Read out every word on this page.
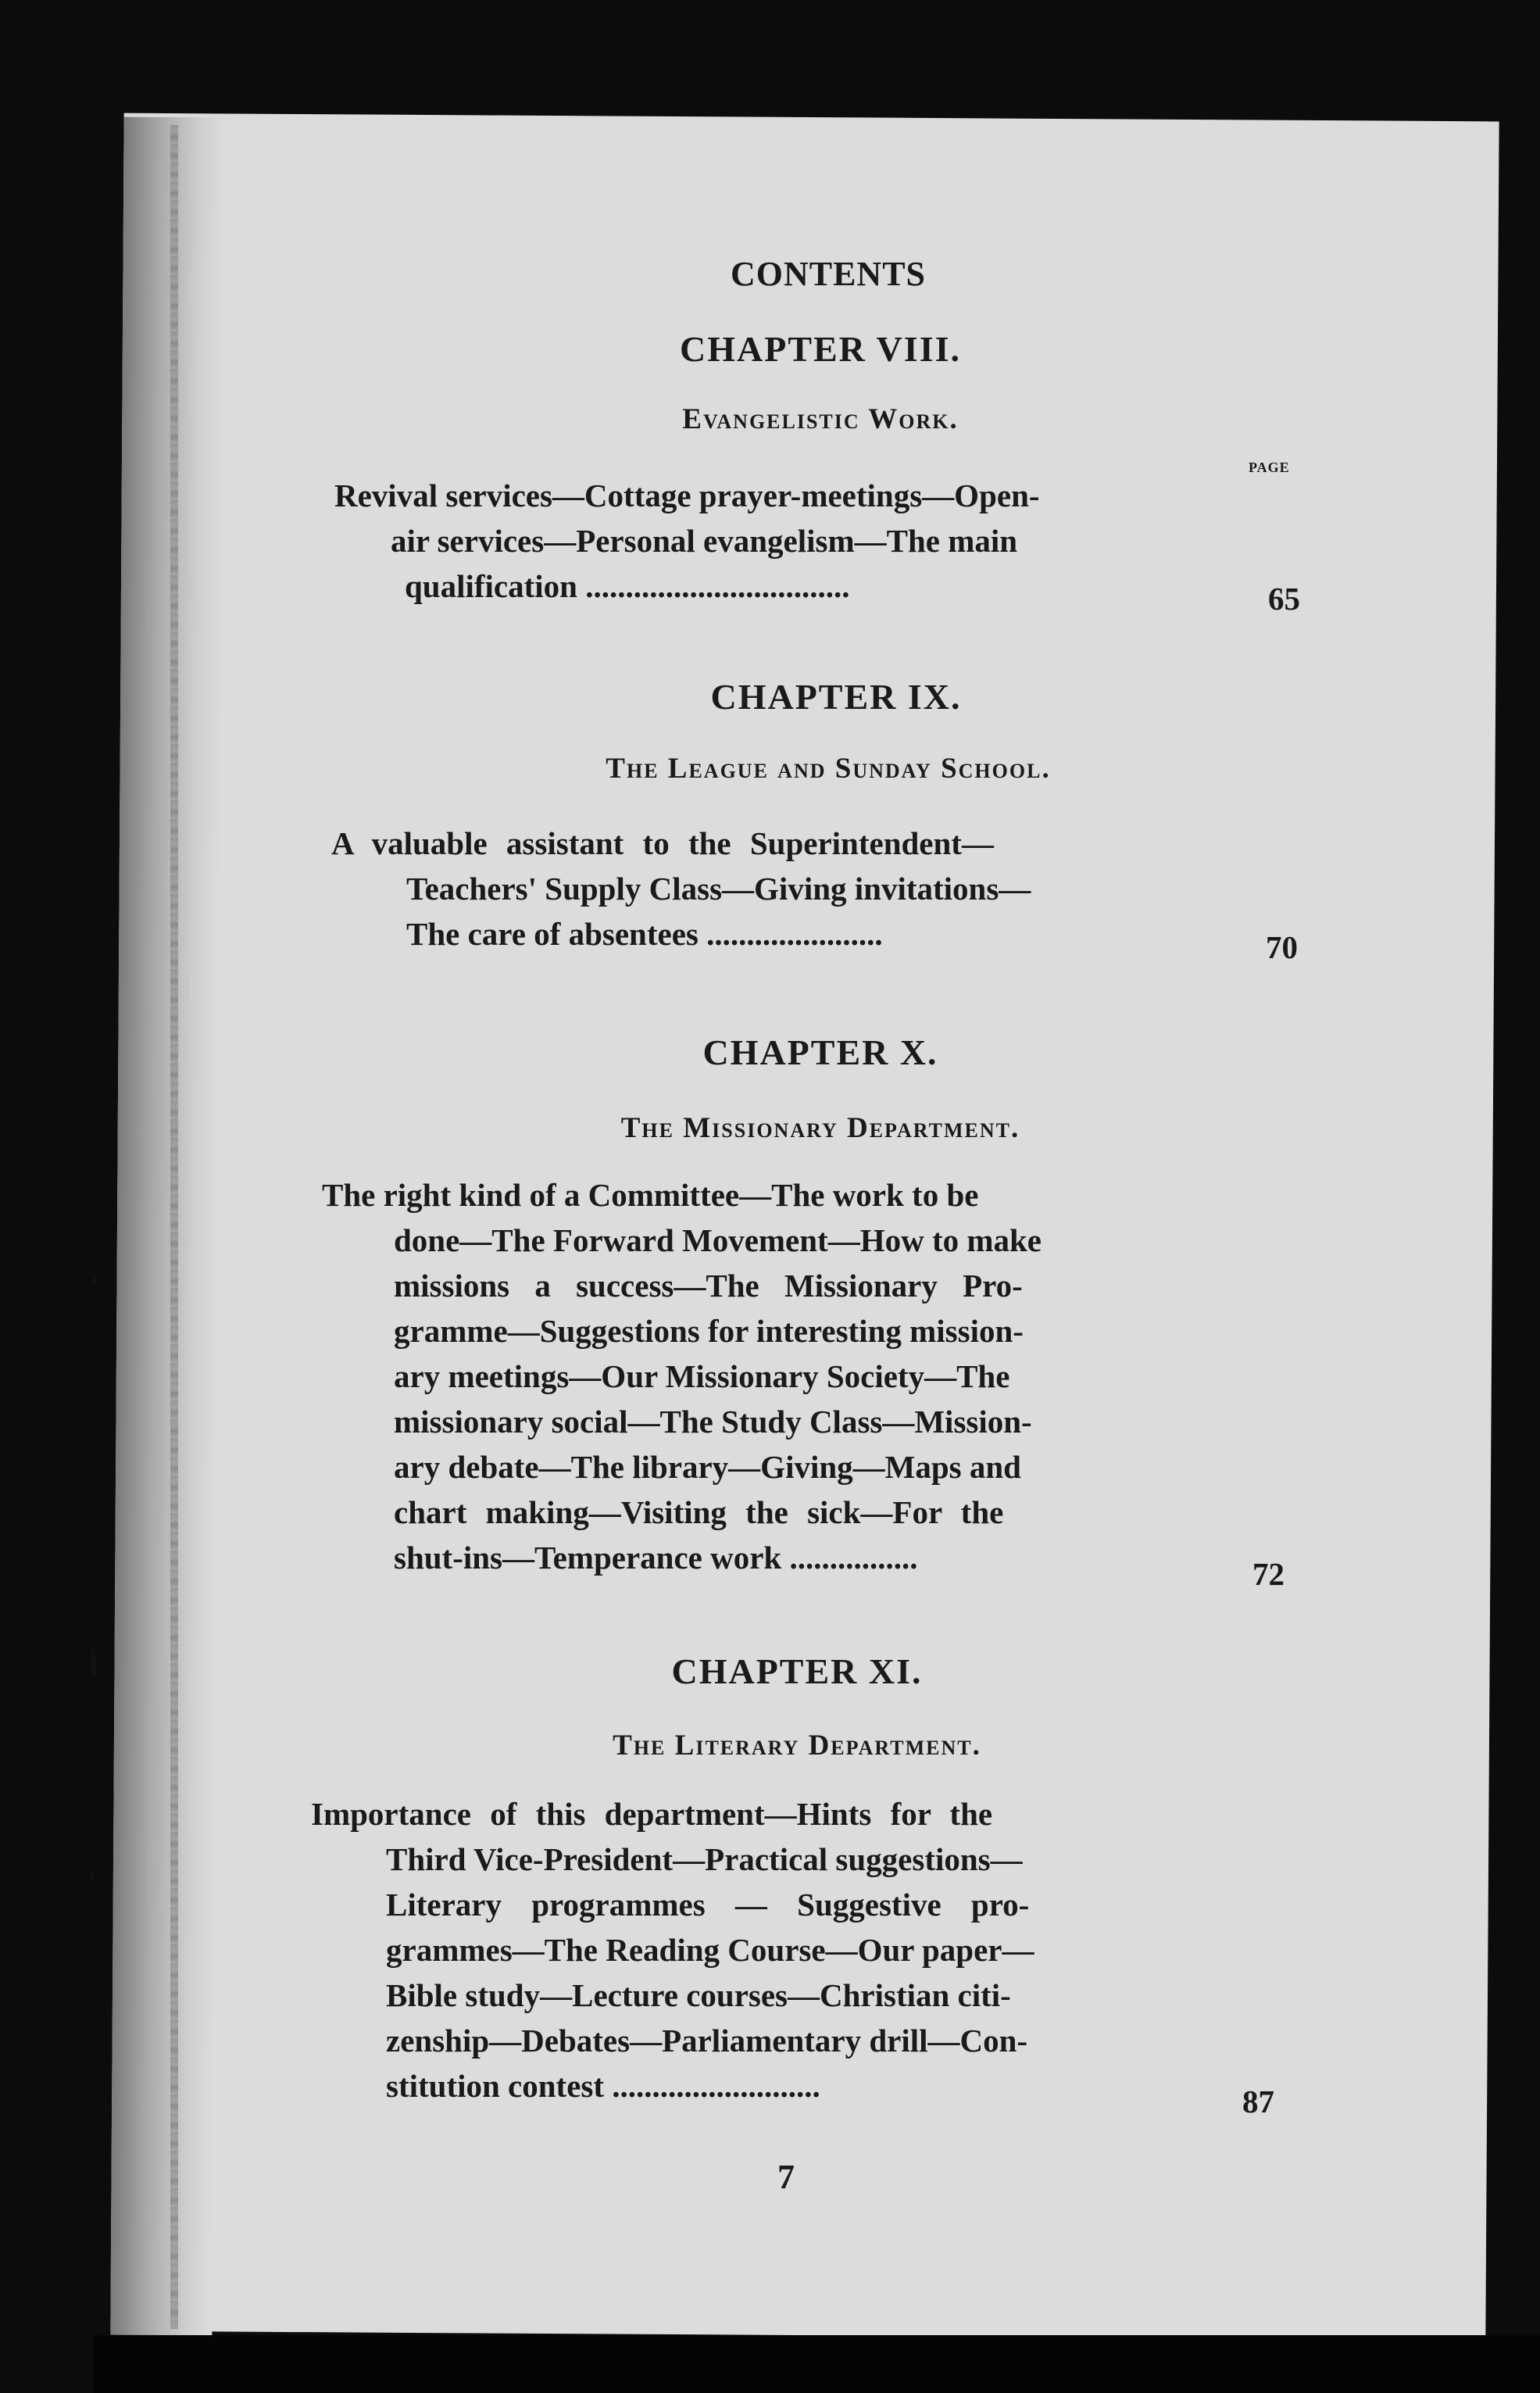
CONTENTS
CHAPTER VIII.
Evangelistic Work.
PAGE
Revival services—Cottage prayer-meetings—Open-
air services—Personal evangelism—The main
qualification .................................	65
CHAPTER IX.
The League and Sunday School.
A valuable assistant to the Superintendent—
Teachers' Supply Class—Giving invitations—
The care of absentees ......................	70
CHAPTER X.
The Missionary Department.
The right kind of a Committee—The work to be
done—The Forward Movement—How to make
missions a success—The Missionary Pro-
gramme—Suggestions for interesting mission-
ary meetings—Our Missionary Society—The
missionary social—The Study Class—Mission-
ary debate—The library—Giving—Maps and
chart making—Visiting the sick—For the
shut-ins—Temperance work ................	72
CHAPTER XI.
The Literary Department.
Importance of this department—Hints for the
Third Vice-President—Practical suggestions—
Literary programmes — Suggestive pro-
grammes—The Reading Course—Our paper—
Bible study—Lecture courses—Christian citi-
zenship—Debates—Parliamentary drill—Con-
stitution contest ..........................	87
7
